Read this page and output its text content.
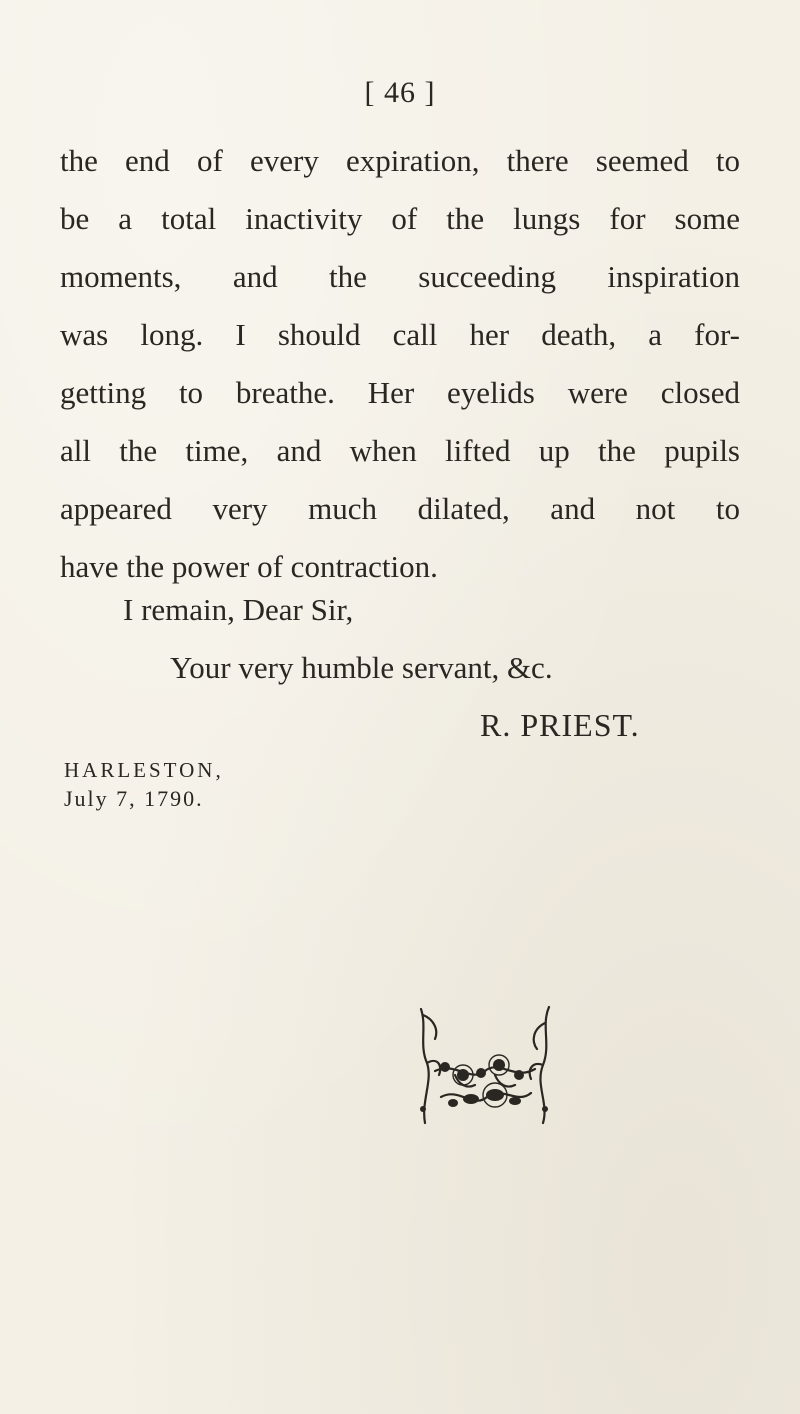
[ 46 ]
the end of every expiration, there seemed to
be a total inactivity of the lungs for some
moments, and the succeeding inspiration
was long. I should call her death, a for-
getting to breathe. Her eyelids were closed
all the time, and when lifted up the pupils
appeared very much dilated, and not to
have the power of contraction.
I remain, Dear Sir,
Your very humble servant, &c.
R. PRIEST.
HARLESTON,
July 7, 1790.
